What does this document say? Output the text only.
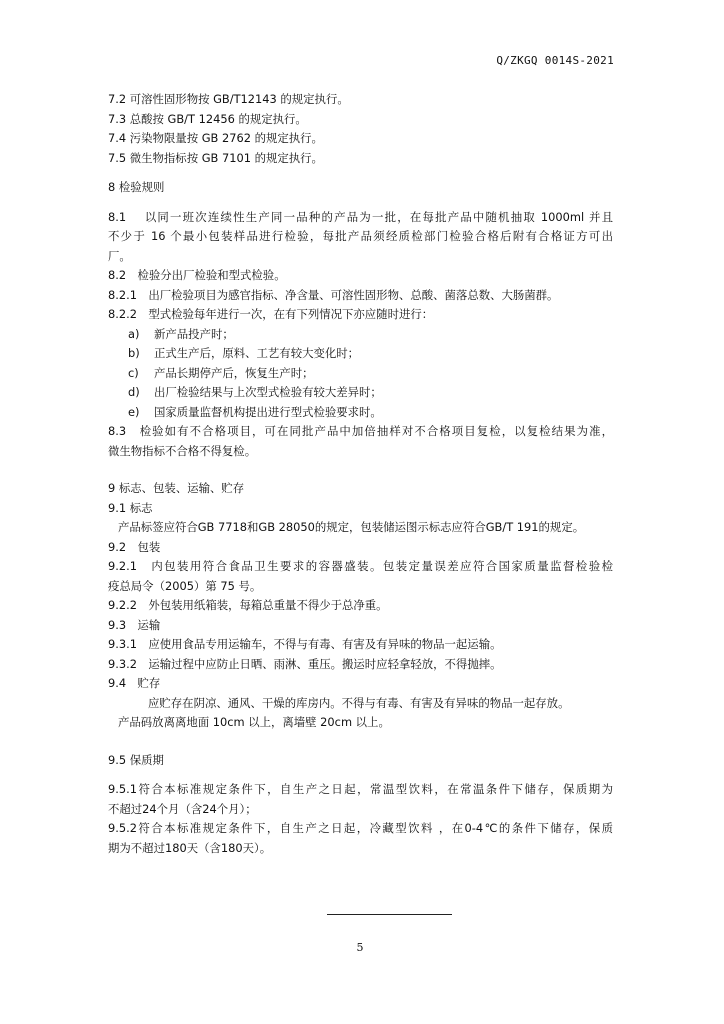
Q/ZKGQ 0014S-2021
7.2 可溶性固形物按 GB/T12143 的规定执行。
7.3 总酸按 GB/T 12456 的规定执行。
7.4 污染物限量按 GB 2762 的规定执行。
7.5 微生物指标按 GB 7101 的规定执行。
8 检验规则
8.1　 以同一班次连续性生产同一品种的产品为一批，在每批产品中随机抽取 1000ml 并且
不少于 16 个最小包装样品进行检验，每批产品须经质检部门检验合格后附有合格证方可出
厂。
8.2　检验分出厂检验和型式检验。
8.2.1　出厂检验项目为感官指标、净含量、可溶性固形物、总酸、菌落总数、大肠菌群。
8.2.2　型式检验每年进行一次，在有下列情况下亦应随时进行：
a) 新产品投产时；
b) 正式生产后，原料、工艺有较大变化时；
c) 产品长期停产后，恢复生产时；
d) 出厂检验结果与上次型式检验有较大差异时；
e) 国家质量监督机构提出进行型式检验要求时。
8.3　检验如有不合格项目，可在同批产品中加倍抽样对不合格项目复检，以复检结果为准，
微生物指标不合格不得复检。
9 标志、包装、运输、贮存
9.1 标志
产品标签应符合GB 7718和GB 28050的规定，包装储运图示标志应符合GB/T 191的规定。
9.2　包装
9.2.1　内包装用符合食品卫生要求的容器盛装。包装定量误差应符合国家质量监督检验检
疫总局令（2005）第 75 号。
9.2.2　外包装用纸箱装，每箱总重量不得少于总净重。
9.3　运输
9.3.1　应使用食品专用运输车，不得与有毒、有害及有异味的物品一起运输。
9.3.2　运输过程中应防止日晒、雨淋、重压。搬运时应轻拿轻放，不得抛摔。
9.4　贮存
应贮存在阴凉、通风、干燥的库房内。不得与有毒、有害及有异味的物品一起存放。
产品码放离离地面 10cm 以上，离墙壁 20cm 以上。
9.5 保质期
9.5.1符合本标准规定条件下，自生产之日起，常温型饮料，在常温条件下储存，保质期为
不超过24个月（含24个月）；
9.5.2符合本标准规定条件下，自生产之日起，冷藏型饮料 ，在0-4℃的条件下储存，保质
期为不超过180天（含180天）。
5
